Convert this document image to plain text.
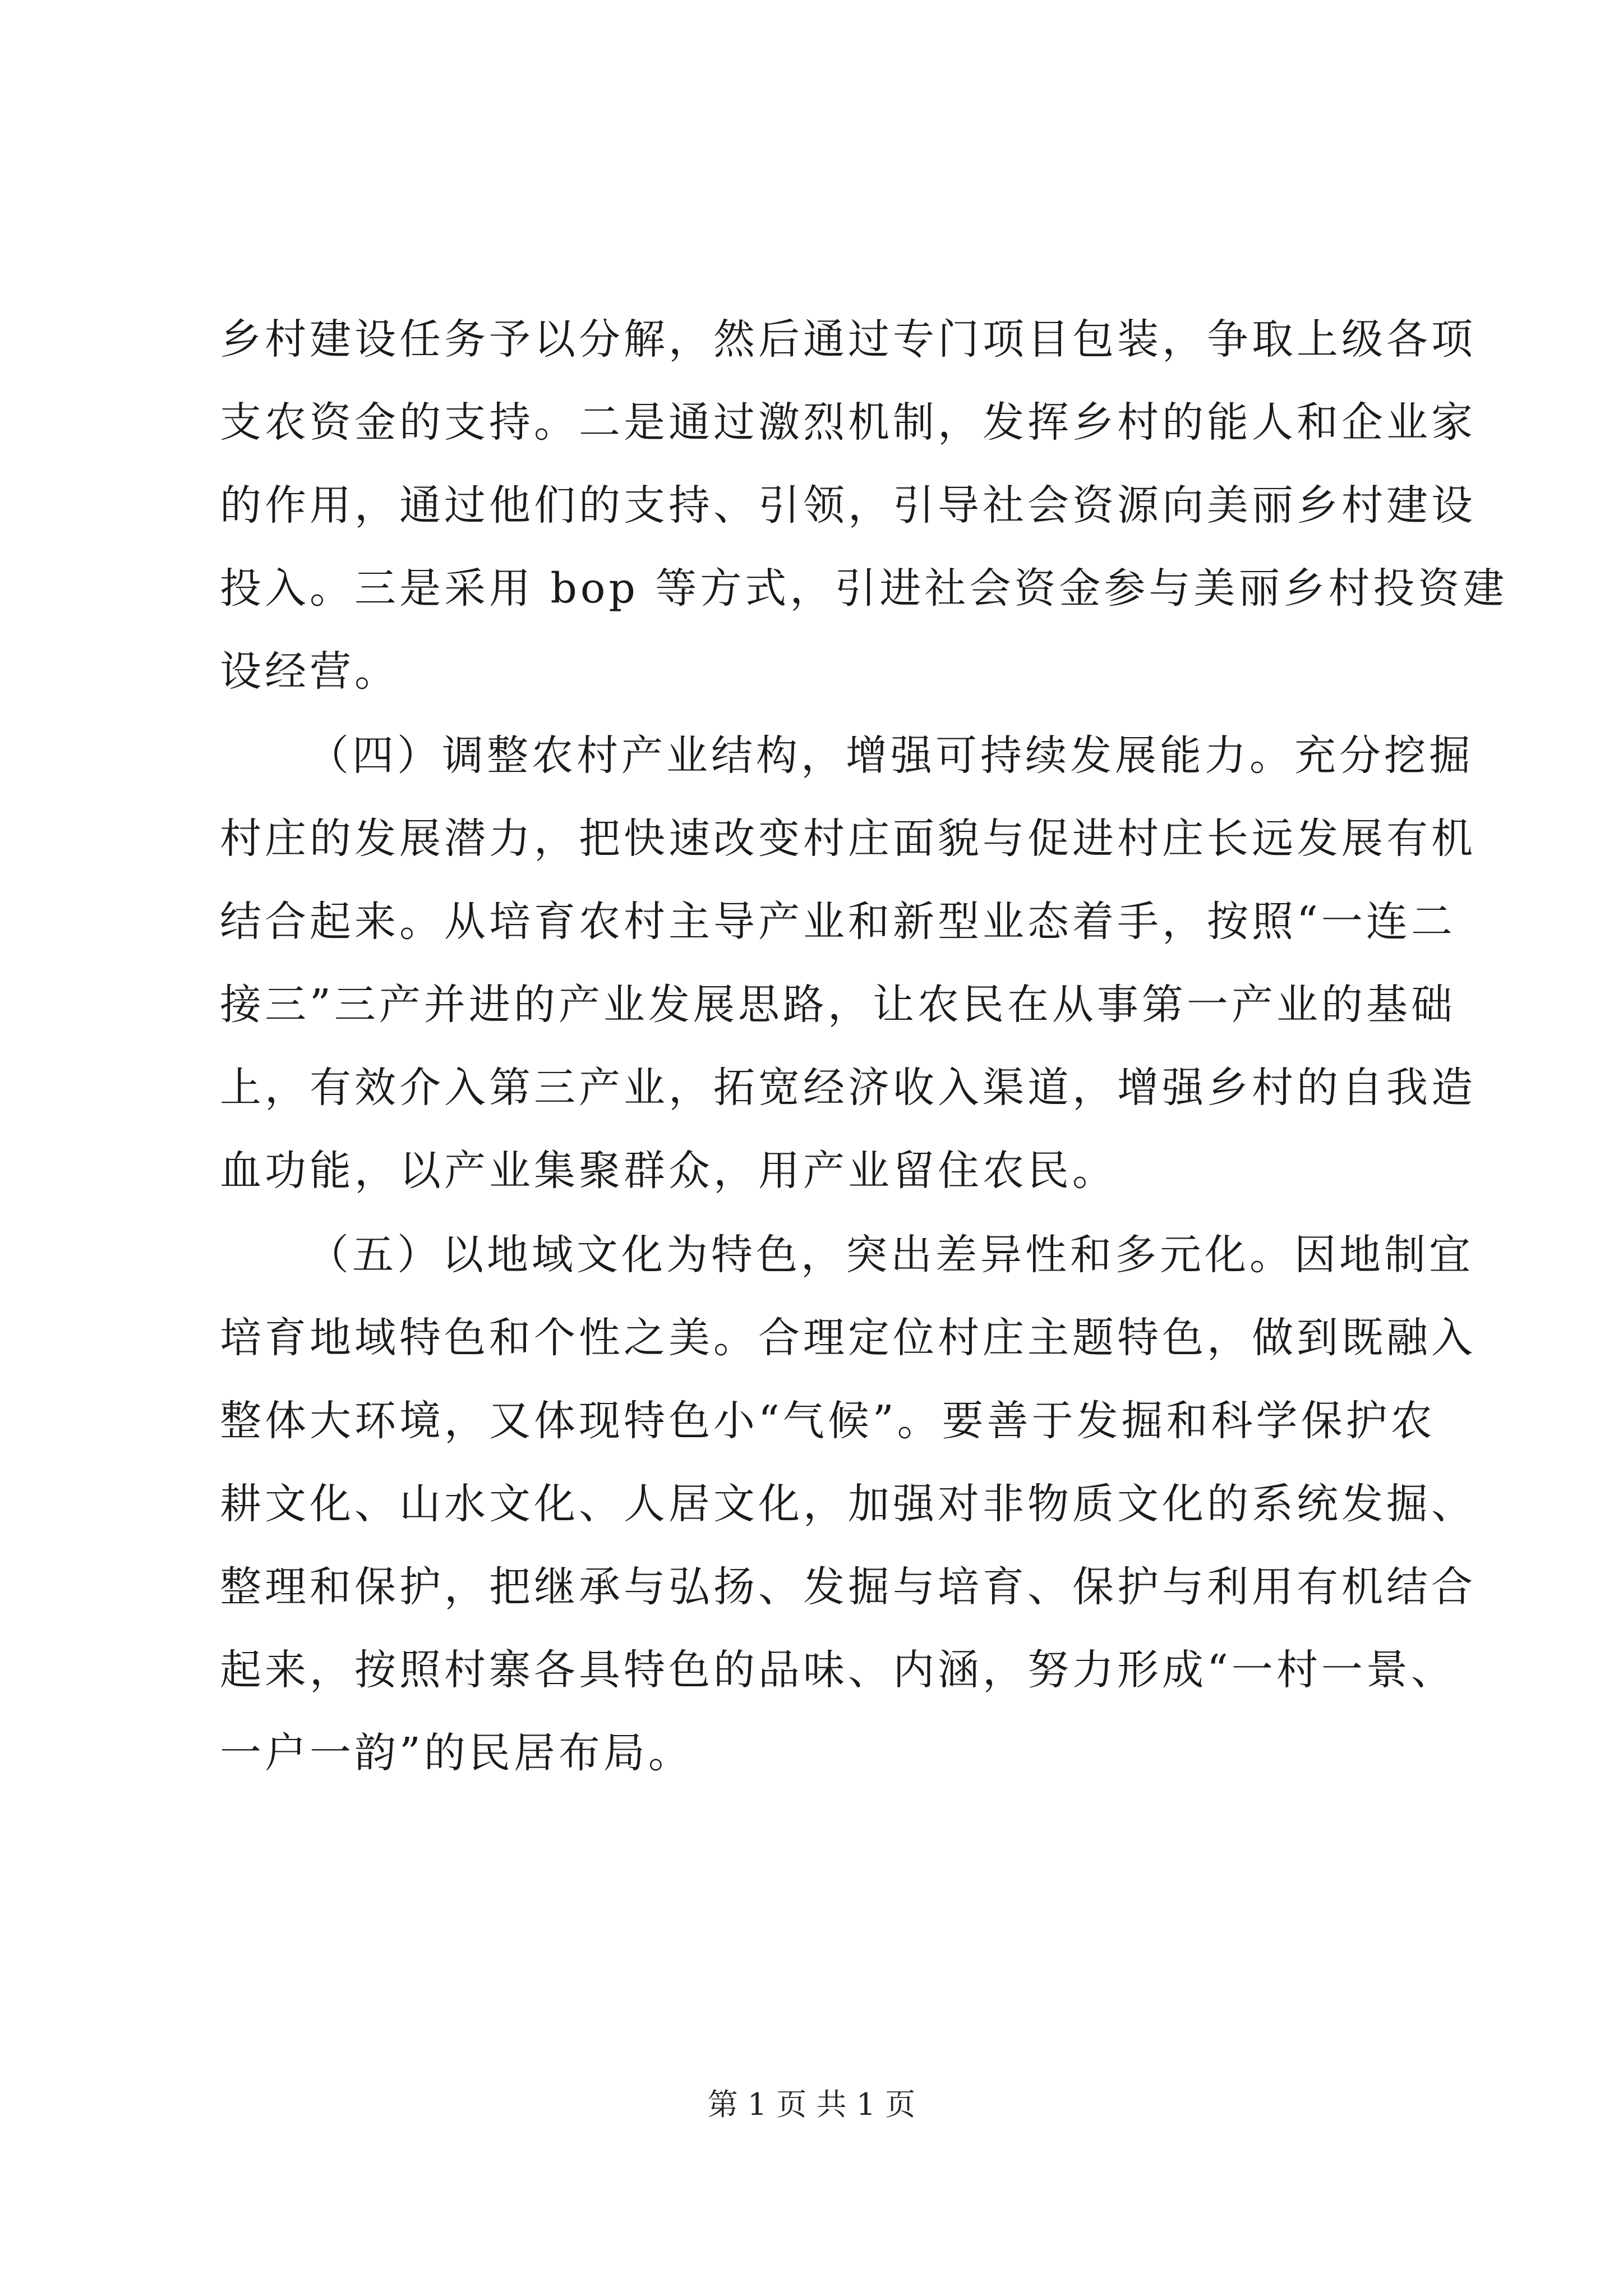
乡村建设任务予以分解，然后通过专门项目包装，争取上级各项
支农资金的支持。二是通过激烈机制，发挥乡村的能人和企业家
的作用，通过他们的支持、引领，引导社会资源向美丽乡村建设
投入。三是采用 bop 等方式，引进社会资金参与美丽乡村投资建
设经营。
（四）调整农村产业结构，增强可持续发展能力。充分挖掘
村庄的发展潜力，把快速改变村庄面貌与促进村庄长远发展有机
结合起来。从培育农村主导产业和新型业态着手，按照“一连二
接三”三产并进的产业发展思路，让农民在从事第一产业的基础
上，有效介入第三产业，拓宽经济收入渠道，增强乡村的自我造
血功能，以产业集聚群众，用产业留住农民。
（五）以地域文化为特色，突出差异性和多元化。因地制宜
培育地域特色和个性之美。合理定位村庄主题特色，做到既融入
整体大环境，又体现特色小“气候”。要善于发掘和科学保护农
耕文化、山水文化、人居文化，加强对非物质文化的系统发掘、
整理和保护，把继承与弘扬、发掘与培育、保护与利用有机结合
起来，按照村寨各具特色的品味、内涵，努力形成“一村一景、
一户一韵”的民居布局。
第 1 页 共 1 页
